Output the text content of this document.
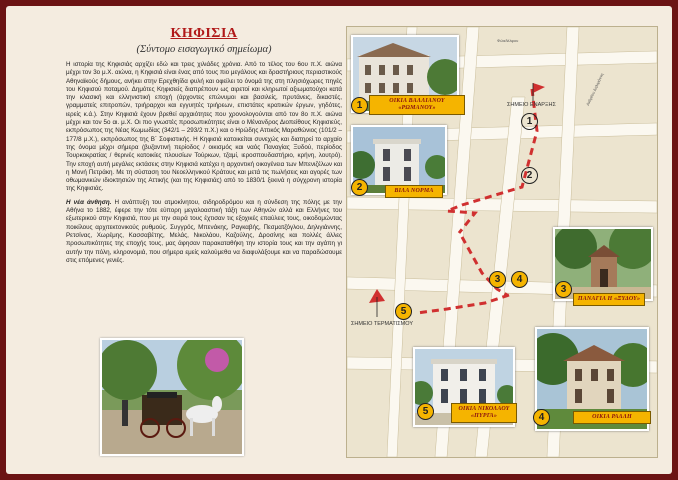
ΚΗΦΙΣΙΑ
(Σύντομο εισαγωγικό σημείωμα)

Η ιστορία της Κηφισιάς αρχίζει εδώ και τρεις χιλιάδες χρόνια. Από το τέλος του 6ου π.Χ. αιώνα μέχρι τον 3ο μ.Χ. αιώνα, η Κηφισιά είναι ένας από τους πιο μεγάλους και δραστήριους περιαστικούς Αθηναϊκούς δήμους, ανήκει στην Ερεχθηίδα φυλή και οφείλει το όνομά της στη πλησιόχωρες πηγές του Κηφισού ποταμού. Δημότες Κηφισιείς διαπρέπουν ως αιρετοί και κληρωτοί αξιωματούχοι κατά την κλασική και ελληνιστική εποχή (άρχοντες επώνυμοι και βασιλείς, πρυτάνεις, δικαστές, γραμματείς επιτροπών, τριήραρχοι και εγγυητές τριήρεων, επιστάτες κρατικών έργων, γηδότες, ιερείς κ.ά.). Στην Κηφισιά έχουν βρεθεί αρχαιότητες που χρονολογούνται από τον 8ο π.Χ. αιώνα μέχρι και τον 5ο αι. μ.Χ. Οι πιο γνωστές προσωπικότητες είναι ο Μένανδρος Διοπείθους Κηφισιεύς, εκπρόσωπος της Νέας Κωμωδίας (342/1 – 293/2 π.Χ.) και ο Ηρώδης Αττικός Μαραθώνιος (101/2 – 177/8 μ.Χ.), εκπρόσωπος της Β΄ Σοφιστικής. Η Κηφισιά κατοικείται συνεχώς και διατηρεί το αρχαίο της όνομα μέχρι σήμερα (βυζαντινή περίοδος / οικισμός και ναός Παναγίας Ξυδού, περίοδος Τουρκοκρατίας / θερινές κατοικίες πλουσίων Τούρκων, τζαμί, ιεροσπουδαστήριο, κρήνη, λουτρό). Την εποχή αυτή μεγάλες εκτάσεις στην Κηφισιά κατέχει η αρχοντική οικογένεια των Μπενιζέλων και η Μονή Πετράκη. Με τη σύσταση του Νεοελληνικού Κράτους και μετά τις πωλήσεις και αγορές των οθωμανικών ιδιοκτησιών της Αττικής (και της Κηφισιάς) από το 1830/1 ξεκινά η σύγχρονη ιστορία της Κηφισιάς.

Η νέα άνθηση. Η ανάπτυξη του ατμοκίνητου, σιδηροδρόμου και η σύνδεση της πόλης με την Αθήνα το 1882, έφερε την τότε εύπορη μεγαλοαστική τάξη των Αθηνών αλλά και Ελλήνες του εξωτερικού στην Κηφισιά, που με την σειρά τους έχτισαν τις εξοχικές επαύλεις τους, οικοδομώντας ποικίλους αρχιτεκτονικούς ρυθμούς. Συγγρός, Μπενάκης, Ραγκαβής, Πεσματζόγλου, Δηλιγιάννης, Ρετσίνας, Χωρέμης, Κασσαβέτης, Μελάς, Νικολάου, Καζούλης, Δροσίνης και πολλές άλλες προσωπικότητες της εποχής τους, μας άφησαν παρακαταθήκη την ιστορία τους και την αγάπη γι αυτήν την πόλη, κληρονομιά, που σήμερα εμείς καλούμεθα να διαφυλάξουμε και να παραδώσουμε στις επόμενες γενιές.

ΣΗΜΕΙΟ ΕΝΑΡΞΗΣ
ΣΗΜΕΙΟ ΤΕΡΜΑΤΙΣΜΟΥ
Φιλαδέλφου
Ανδρέου Δηλιγιάννη
1	ΟΙΚΙΑ ΒΑΛΛΙΑΝΟΥ «ΡΩΜΑΝΟΥ»
2	ΒΙΛΑ ΝΟΡΜΑ
3
ΠΑΝΑΓΙΑ Η «ΞΥΔΟΥ»
5	ΟΙΚΙΑ ΝΙΚΟΛΑΟΥ «ΠΥΡΓΑ»	4	ΟΙΚΙΑ ΡΑΛΛΗ
1
2
3	4
5
